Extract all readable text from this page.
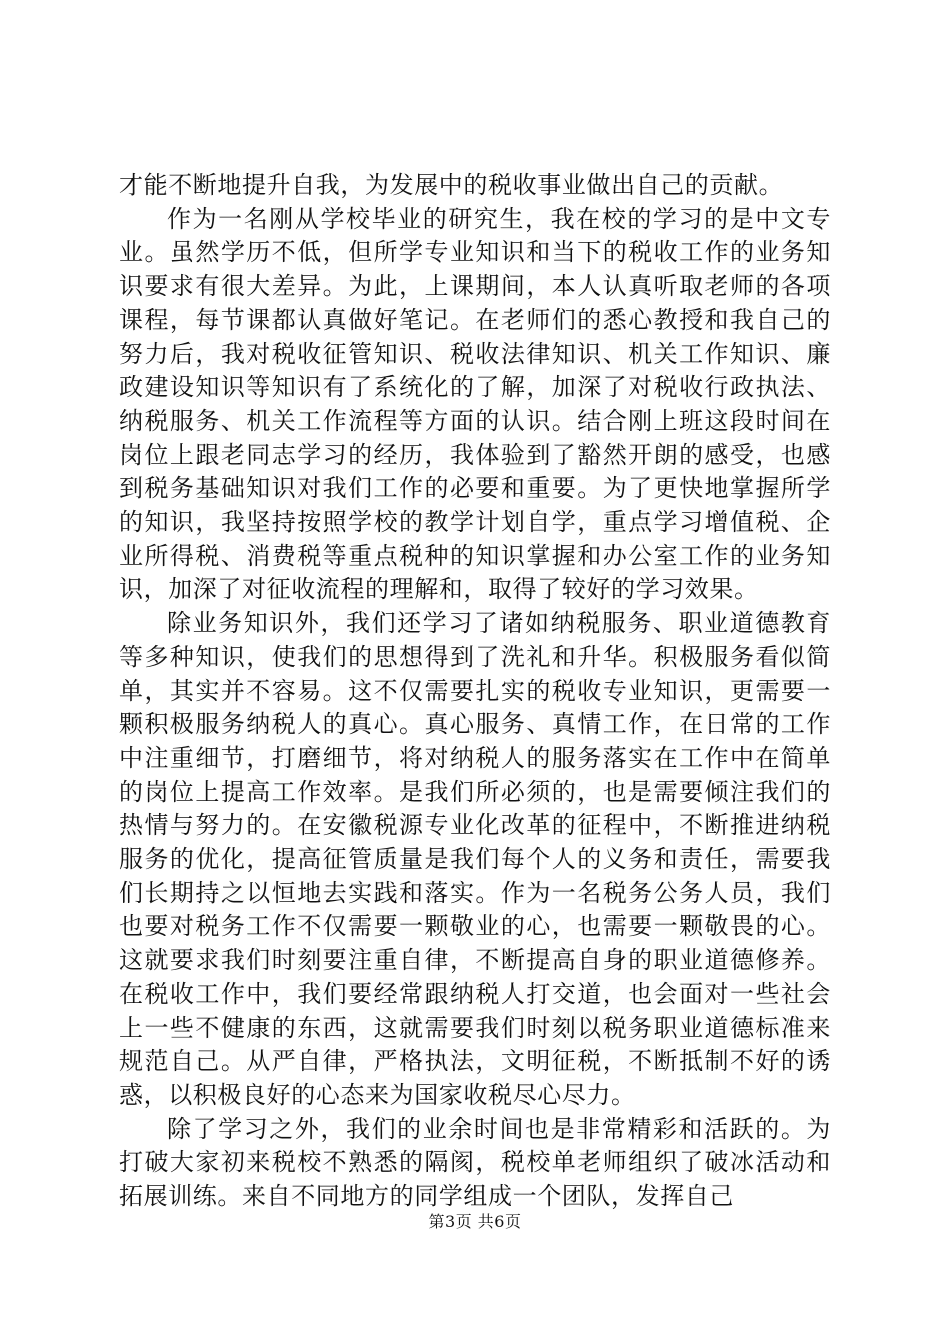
才能不断地提升自我，为发展中的税收事业做出自己的贡献。

作为一名刚从学校毕业的研究生，我在校的学习的是中文专业。虽然学历不低，但所学专业知识和当下的税收工作的业务知识要求有很大差异。为此，上课期间，本人认真听取老师的各项课程，每节课都认真做好笔记。在老师们的悉心教授和我自己的努力后，我对税收征管知识、税收法律知识、机关工作知识、廉政建设知识等知识有了系统化的了解，加深了对税收行政执法、纳税服务、机关工作流程等方面的认识。结合刚上班这段时间在岗位上跟老同志学习的经历，我体验到了豁然开朗的感受，也感到税务基础知识对我们工作的必要和重要。为了更快地掌握所学的知识，我坚持按照学校的教学计划自学，重点学习增值税、企业所得税、消费税等重点税种的知识掌握和办公室工作的业务知识，加深了对征收流程的理解和，取得了较好的学习效果。

除业务知识外，我们还学习了诸如纳税服务、职业道德教育等多种知识，使我们的思想得到了洗礼和升华。积极服务看似简单，其实并不容易。这不仅需要扎实的税收专业知识，更需要一颗积极服务纳税人的真心。真心服务、真情工作，在日常的工作中注重细节，打磨细节，将对纳税人的服务落实在工作中在简单的岗位上提高工作效率。是我们所必须的，也是需要倾注我们的热情与努力的。在安徽税源专业化改革的征程中，不断推进纳税服务的优化，提高征管质量是我们每个人的义务和责任，需要我们长期持之以恒地去实践和落实。作为一名税务公务人员，我们也要对税务工作不仅需要一颗敬业的心，也需要一颗敬畏的心。这就要求我们时刻要注重自律，不断提高自身的职业道德修养。在税收工作中，我们要经常跟纳税人打交道，也会面对一些社会上一些不健康的东西，这就需要我们时刻以税务职业道德标准来规范自己。从严自律，严格执法，文明征税，不断抵制不好的诱惑，以积极良好的心态来为国家收税尽心尽力。

除了学习之外，我们的业余时间也是非常精彩和活跃的。为打破大家初来税校不熟悉的隔阂，税校单老师组织了破冰活动和拓展训练。来自不同地方的同学组成一个团队，发挥自己

第3页 共6页
